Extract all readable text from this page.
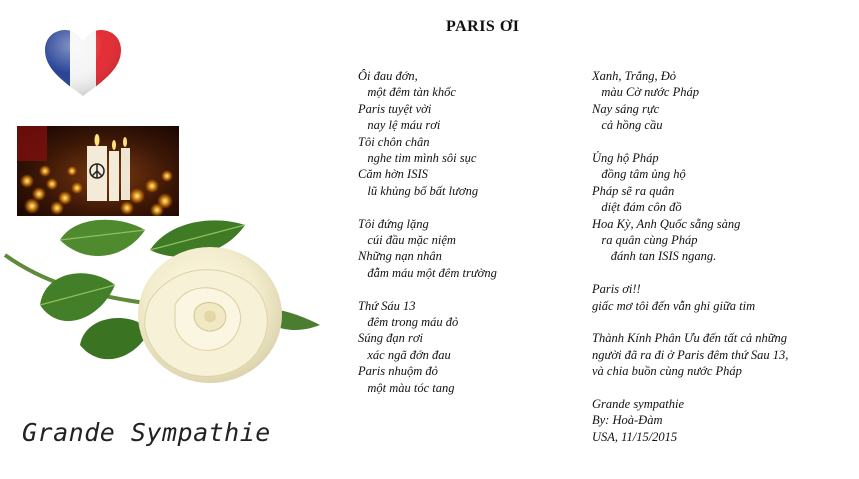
PARIS ƠI
Grande Sympathie
Ôi đau đớn,
một đêm tàn khốc
Paris tuyệt vời
nay lệ máu rơi
Tôi chôn chân
nghe tim mình sôi sục
Căm hờn ISIS
lũ khủng bố bất lương
Tôi đứng lặng
cúi đầu mặc niệm
Những nạn nhân
đẫm máu một đêm trường
Thứ Sáu 13
đêm trong máu đỏ
Súng đạn rơi
xác ngã đớn đau
Paris nhuộm đỏ
một màu tóc tang
Xanh, Trắng, Đỏ
màu Cờ nước Pháp
Nay sáng rực
cả hồng cầu
Ủng hộ Pháp
đồng tâm ủng hộ
Pháp sẽ ra quân
diệt đám côn đồ
Hoa Kỳ, Anh Quốc sẵng sàng
ra quân cùng Pháp
đánh tan ISIS ngang.
Paris ơi!!
giấc mơ tôi đến vẫn ghi giữa tim
Thành Kính Phân Ưu đến tất cả những
người đã ra đi ở Paris đêm thứ Sau 13,
và chia buồn cùng nước Pháp
Grande sympathie
By: Hoà-Đàm
USA, 11/15/2015
